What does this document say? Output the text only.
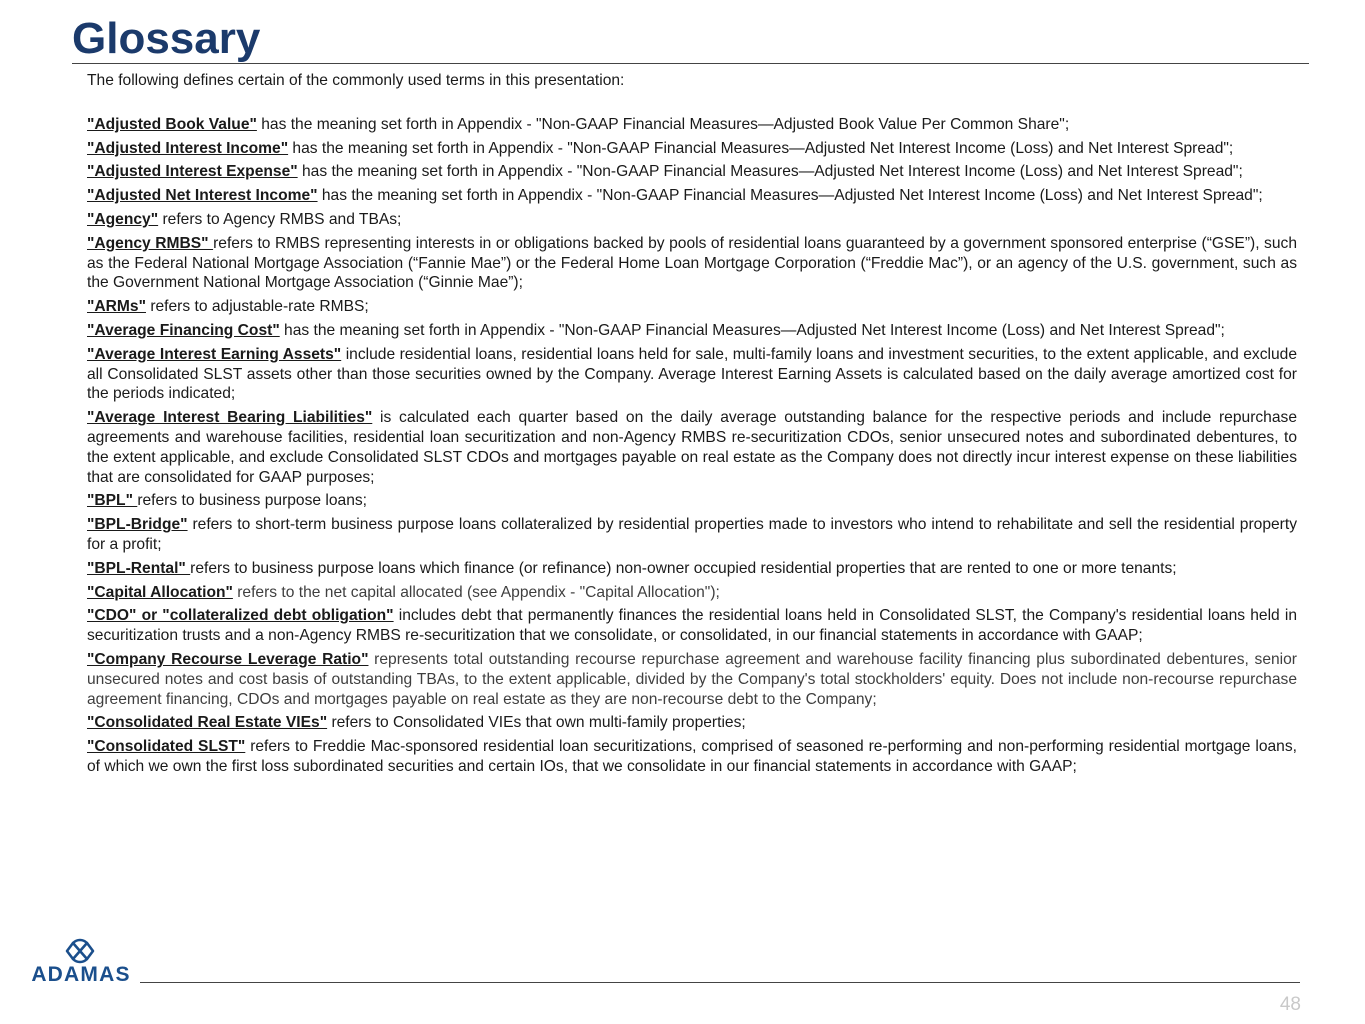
Glossary

The following defines certain of the commonly used terms in this presentation:

"Adjusted Book Value" has the meaning set forth in Appendix - "Non-GAAP Financial Measures—Adjusted Book Value Per Common Share";

"Adjusted Interest Income" has the meaning set forth in Appendix - "Non-GAAP Financial Measures—Adjusted Net Interest Income (Loss) and Net Interest Spread";

"Adjusted Interest Expense" has the meaning set forth in Appendix - "Non-GAAP Financial Measures—Adjusted Net Interest Income (Loss) and Net Interest Spread";

"Adjusted Net Interest Income" has the meaning set forth in Appendix - "Non-GAAP Financial Measures—Adjusted Net Interest Income (Loss) and Net Interest Spread";

"Agency" refers to Agency RMBS and TBAs;

"Agency RMBS" refers to RMBS representing interests in or obligations backed by pools of residential loans guaranteed by a government sponsored enterprise (“GSE”), such as the Federal National Mortgage Association (“Fannie Mae”) or the Federal Home Loan Mortgage Corporation (“Freddie Mac”), or an agency of the U.S. government, such as the Government National Mortgage Association (“Ginnie Mae”);

"ARMs" refers to adjustable-rate RMBS;

"Average Financing Cost" has the meaning set forth in Appendix - "Non-GAAP Financial Measures—Adjusted Net Interest Income (Loss) and Net Interest Spread";

"Average Interest Earning Assets" include residential loans, residential loans held for sale, multi-family loans and investment securities, to the extent applicable, and exclude all Consolidated SLST assets other than those securities owned by the Company. Average Interest Earning Assets is calculated based on the daily average amortized cost for the periods indicated;

"Average Interest Bearing Liabilities" is calculated each quarter based on the daily average outstanding balance for the respective periods and include repurchase agreements and warehouse facilities, residential loan securitization and non-Agency RMBS re-securitization CDOs, senior unsecured notes and subordinated debentures, to the extent applicable, and exclude Consolidated SLST CDOs and mortgages payable on real estate as the Company does not directly incur interest expense on these liabilities that are consolidated for GAAP purposes;

"BPL" refers to business purpose loans;

"BPL-Bridge" refers to short-term business purpose loans collateralized by residential properties made to investors who intend to rehabilitate and sell the residential property for a profit;

"BPL-Rental" refers to business purpose loans which finance (or refinance) non-owner occupied residential properties that are rented to one or more tenants;

"Capital Allocation" refers to the net capital allocated (see Appendix - "Capital Allocation");

"CDO" or "collateralized debt obligation" includes debt that permanently finances the residential loans held in Consolidated SLST, the Company's residential loans held in securitization trusts and a non-Agency RMBS re-securitization that we consolidate, or consolidated, in our financial statements in accordance with GAAP;

"Company Recourse Leverage Ratio" represents total outstanding recourse repurchase agreement and warehouse facility financing plus subordinated debentures, senior unsecured notes and cost basis of outstanding TBAs, to the extent applicable, divided by the Company's total stockholders' equity. Does not include non-recourse repurchase agreement financing, CDOs and mortgages payable on real estate as they are non-recourse debt to the Company;

"Consolidated Real Estate VIEs" refers to Consolidated VIEs that own multi-family properties;

"Consolidated SLST" refers to Freddie Mac-sponsored residential loan securitizations, comprised of seasoned re-performing and non-performing residential mortgage loans, of which we own the first loss subordinated securities and certain IOs, that we consolidate in our financial statements in accordance with GAAP;

ADAMAS
48
